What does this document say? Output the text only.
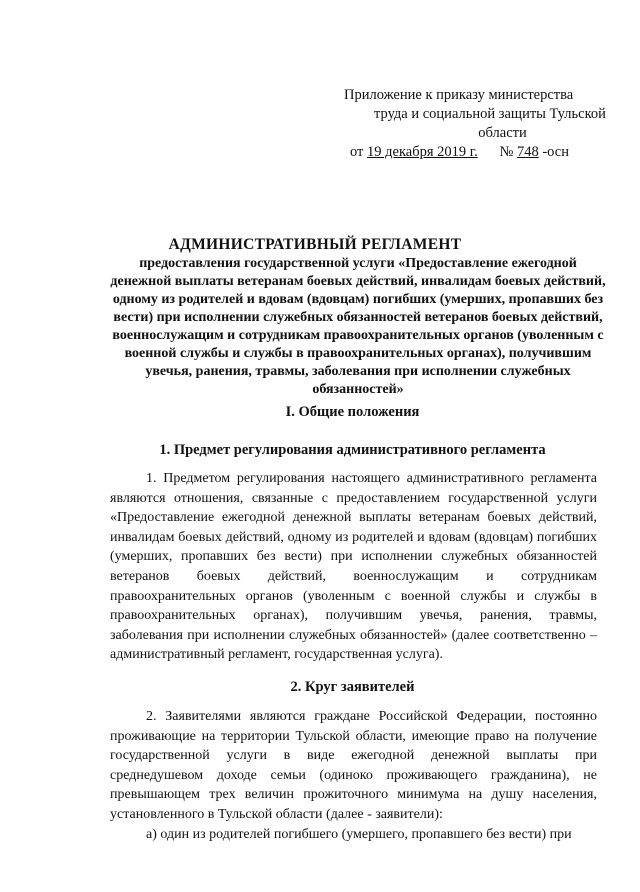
Приложение к приказу министерства
труда и социальной защиты Тульской
области
от 19 декабря 2019 г. № 748 -осн
АДМИНИСТРАТИВНЫЙ РЕГЛАМЕНТ
предоставления государственной услуги «Предоставление ежегодной денежной выплаты ветеранам боевых действий, инвалидам боевых действий, одному из родителей и вдовам (вдовцам) погибших (умерших, пропавших без вести) при исполнении служебных обязанностей ветеранов боевых действий, военнослужащим и сотрудникам правоохранительных органов (уволенным с военной службы и службы в правоохранительных органах), получившим увечья, ранения, травмы, заболевания при исполнении служебных обязанностей»
I. Общие положения
1. Предмет регулирования административного регламента

1. Предметом регулирования настоящего административного регламента являются отношения, связанные с предоставлением государственной услуги «Предоставление ежегодной денежной выплаты ветеранам боевых действий, инвалидам боевых действий, одному из родителей и вдовам (вдовцам) погибших (умерших, пропавших без вести) при исполнении служебных обязанностей ветеранов боевых действий, военнослужащим и сотрудникам правоохранительных органов (уволенным с военной службы и службы в правоохранительных органах), получившим увечья, ранения, травмы, заболевания при исполнении служебных обязанностей» (далее соответственно – административный регламент, государственная услуга).

2. Круг заявителей

2. Заявителями являются граждане Российской Федерации, постоянно проживающие на территории Тульской области, имеющие право на получение государственной услуги в виде ежегодной денежной выплаты при среднедушевом доходе семьи (одиноко проживающего гражданина), не превышающем трех величин прожиточного минимума на душу населения, установленного в Тульской области (далее - заявители):

а) один из родителей погибшего (умершего, пропавшего без вести) при
